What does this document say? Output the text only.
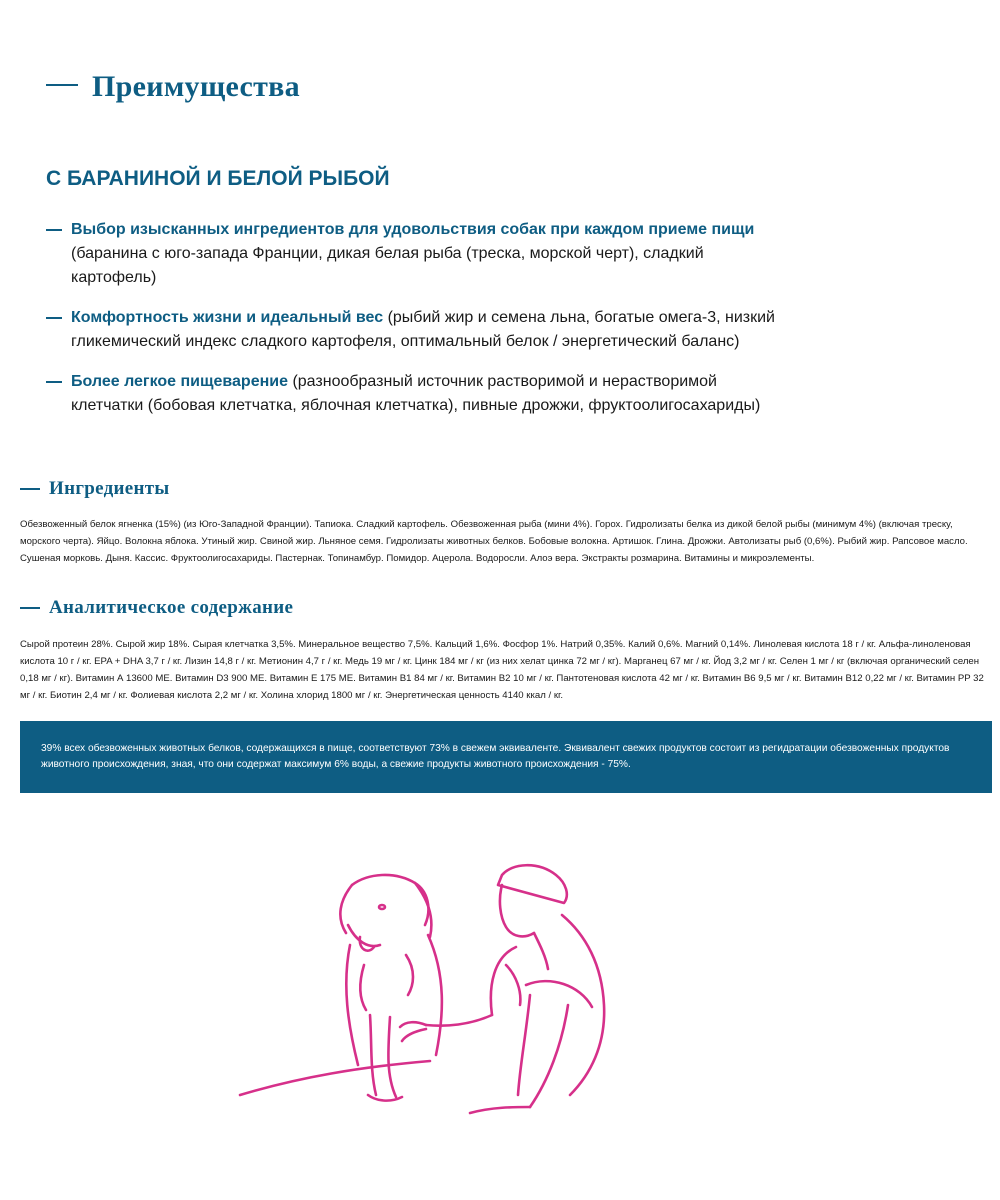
Преимущества
С БАРАНИНОЙ И БЕЛОЙ РЫБОЙ
Выбор изысканных ингредиентов для удовольствия собак при каждом приеме пищи (баранина с юго-запада Франции, дикая белая рыба (треска, морской черт), сладкий картофель)
Комфортность жизни и идеальный вес (рыбий жир и семена льна, богатые омега-3, низкий гликемический индекс сладкого картофеля, оптимальный белок / энергетический баланс)
Более легкое пищеварение (разнообразный источник растворимой и нерастворимой клетчатки (бобовая клетчатка, яблочная клетчатка), пивные дрожжи, фруктоолигосахариды)
Ингредиенты

Обезвоженный белок ягненка (15%) (из Юго-Западной Франции). Тапиока. Сладкий картофель. Обезвоженная рыба (мини 4%). Горох. Гидролизаты белка из дикой белой рыбы (минимум 4%) (включая треску, морского черта). Яйцо. Волокна яблока. Утиный жир. Свиной жир. Льняное семя. Гидролизаты животных белков. Бобовые волокна. Артишок. Глина. Дрожжи. Автолизаты рыб (0,6%). Рыбий жир. Рапсовое масло. Сушеная морковь. Дыня. Кассис. Фруктоолигосахариды. Пастернак. Топинамбур. Помидор. Ацерола. Водоросли. Алоэ вера. Экстракты розмарина. Витамины и микроэлементы.

Аналитическое содержание

Сырой протеин 28%. Сырой жир 18%. Сырая клетчатка 3,5%. Минеральное вещество 7,5%. Кальций 1,6%. Фосфор 1%. Натрий 0,35%. Калий 0,6%. Магний 0,14%. Линолевая кислота 18 г / кг. Альфа-линоленовая кислота 10 г / кг. EPA + DHA 3,7 г / кг. Лизин 14,8 г / кг. Метионин 4,7 г / кг. Медь 19 мг / кг. Цинк 184 мг / кг (из них хелат цинка 72 мг / кг). Марганец 67 мг / кг. Йод 3,2 мг / кг. Селен 1 мг / кг (включая органический селен 0,18 мг / кг). Витамин А 13600 МЕ. Витамин D3 900 МЕ. Витамин Е 175 МЕ. Витамин В1 84 мг / кг. Витамин В2 10 мг / кг. Пантотеновая кислота 42 мг / кг. Витамин В6 9,5 мг / кг. Витамин В12 0,22 мг / кг. Витамин PP 32 мг / кг. Биотин 2,4 мг / кг. Фолиевая кислота 2,2 мг / кг. Холина хлорид 1800 мг / кг. Энергетическая ценность 4140 ккал / кг.

39% всех обезвоженных животных белков, содержащихся в пище, соответствуют 73% в свежем эквиваленте. Эквивалент свежих продуктов состоит из регидратации обезвоженных продуктов животного происхождения, зная, что они содержат максимум 6% воды, а свежие продукты животного происхождения - 75%.
